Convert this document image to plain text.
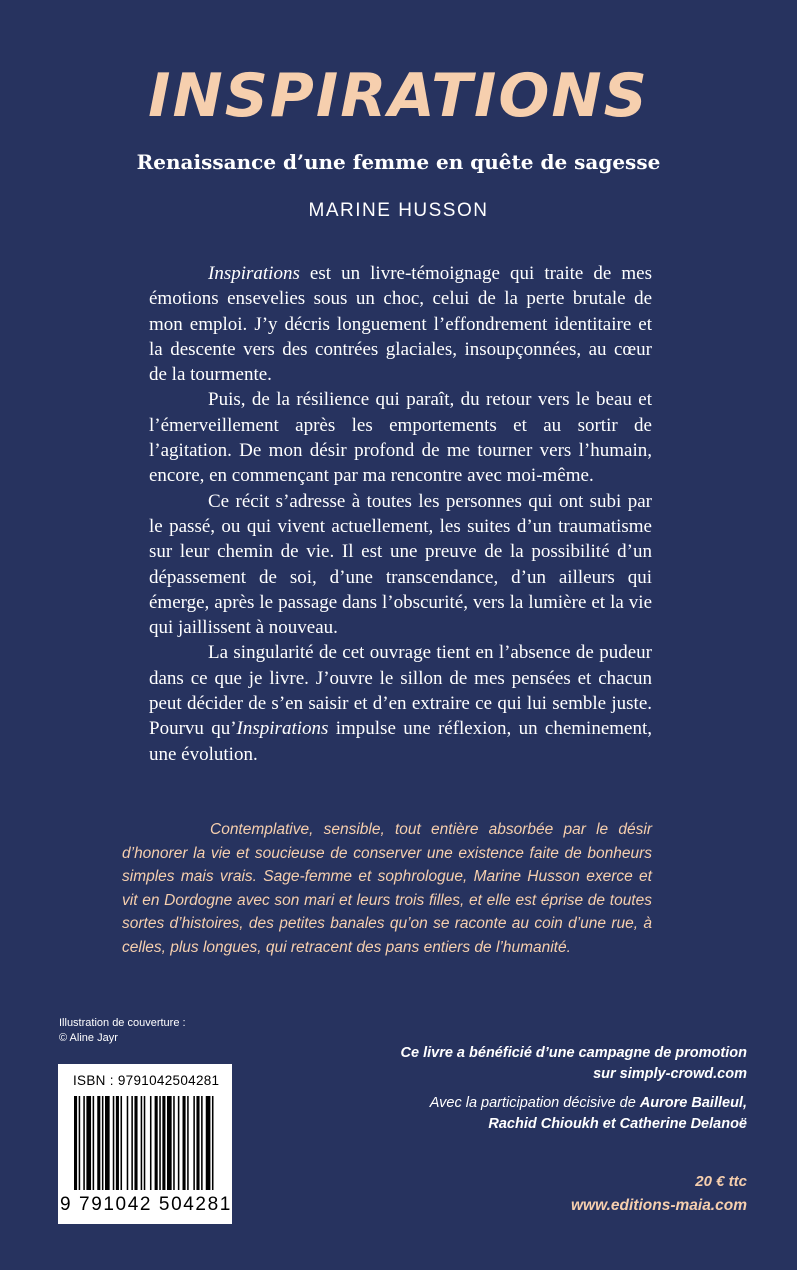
INSPIRATIONS
Renaissance d’une femme en quête de sagesse
MARINE HUSSON

Inspirations est un livre-témoignage qui traite de mes émotions ensevelies sous un choc, celui de la perte brutale de mon emploi. J’y décris longuement l’effondrement identitaire et la descente vers des contrées glaciales, insoupçonnées, au cœur de la tourmente.

Puis, de la résilience qui paraît, du retour vers le beau et l’émerveillement après les emportements et au sortir de l’agitation. De mon désir profond de me tourner vers l’humain, encore, en commençant par ma rencontre avec moi-même.

Ce récit s’adresse à toutes les personnes qui ont subi par le passé, ou qui vivent actuellement, les suites d’un traumatisme sur leur chemin de vie. Il est une preuve de la possibilité d’un dépassement de soi, d’une transcendance, d’un ailleurs qui émerge, après le passage dans l’obscurité, vers la lumière et la vie qui jaillissent à nouveau.

La singularité de cet ouvrage tient en l’absence de pudeur dans ce que je livre. J’ouvre le sillon de mes pensées et chacun peut décider de s’en saisir et d’en extraire ce qui lui semble juste. Pourvu qu’Inspirations impulse une réflexion, un cheminement, une évolution.

Contemplative, sensible, tout entière absorbée par le désir d’honorer la vie et soucieuse de conserver une existence faite de bonheurs simples mais vrais. Sage-femme et sophrologue, Marine Husson exerce et vit en Dordogne avec son mari et leurs trois filles, et elle est éprise de toutes sortes d’histoires, des petites banales qu’on se raconte au coin d’une rue, à celles, plus longues, qui retracent des pans entiers de l’humanité.
Illustration de couverture :
© Aline Jayr
ISBN : 9791042504281
9 791042 504281
Ce livre a bénéficié d’une campagne de promotion
sur simply-crowd.com
Avec la participation décisive de Aurore Bailleul,
Rachid Chioukh et Catherine Delanoë
20 € ttc
www.editions-maia.com
